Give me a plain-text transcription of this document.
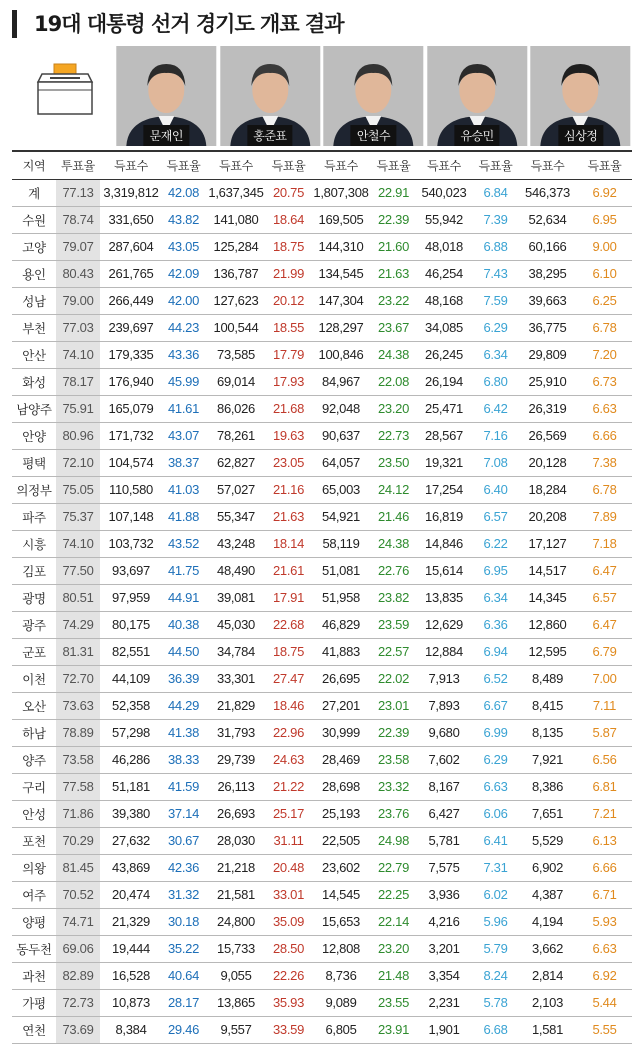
19대 대통령 선거 경기도 개표 결과
문재인	홍준표	안철수	유승민	심상정
지역	투표율	득표수	득표율	득표수	득표율	득표수	득표율	득표수	득표율	득표수	득표율
계	77.13	3,319,812	42.08	1,637,345	20.75	1,807,308	22.91	540,023	6.84	546,373	6.92
수원	78.74	331,650	43.82	141,080	18.64	169,505	22.39	55,942	7.39	52,634	6.95
고양	79.07	287,604	43.05	125,284	18.75	144,310	21.60	48,018	6.88	60,166	9.00
용인	80.43	261,765	42.09	136,787	21.99	134,545	21.63	46,254	7.43	38,295	6.10
성남	79.00	266,449	42.00	127,623	20.12	147,304	23.22	48,168	7.59	39,663	6.25
부천	77.03	239,697	44.23	100,544	18.55	128,297	23.67	34,085	6.29	36,775	6.78
안산	74.10	179,335	43.36	73,585	17.79	100,846	24.38	26,245	6.34	29,809	7.20
화성	78.17	176,940	45.99	69,014	17.93	84,967	22.08	26,194	6.80	25,910	6.73
남양주	75.91	165,079	41.61	86,026	21.68	92,048	23.20	25,471	6.42	26,319	6.63
안양	80.96	171,732	43.07	78,261	19.63	90,637	22.73	28,567	7.16	26,569	6.66
평택	72.10	104,574	38.37	62,827	23.05	64,057	23.50	19,321	7.08	20,128	7.38
의정부	75.05	110,580	41.03	57,027	21.16	65,003	24.12	17,254	6.40	18,284	6.78
파주	75.37	107,148	41.88	55,347	21.63	54,921	21.46	16,819	6.57	20,208	7.89
시흥	74.10	103,732	43.52	43,248	18.14	58,119	24.38	14,846	6.22	17,127	7.18
김포	77.50	93,697	41.75	48,490	21.61	51,081	22.76	15,614	6.95	14,517	6.47
광명	80.51	97,959	44.91	39,081	17.91	51,958	23.82	13,835	6.34	14,345	6.57
광주	74.29	80,175	40.38	45,030	22.68	46,829	23.59	12,629	6.36	12,860	6.47
군포	81.31	82,551	44.50	34,784	18.75	41,883	22.57	12,884	6.94	12,595	6.79
이천	72.70	44,109	36.39	33,301	27.47	26,695	22.02	7,913	6.52	8,489	7.00
오산	73.63	52,358	44.29	21,829	18.46	27,201	23.01	7,893	6.67	8,415	7.11
하남	78.89	57,298	41.38	31,793	22.96	30,999	22.39	9,680	6.99	8,135	5.87
양주	73.58	46,286	38.33	29,739	24.63	28,469	23.58	7,602	6.29	7,921	6.56
구리	77.58	51,181	41.59	26,113	21.22	28,698	23.32	8,167	6.63	8,386	6.81
안성	71.86	39,380	37.14	26,693	25.17	25,193	23.76	6,427	6.06	7,651	7.21
포천	70.29	27,632	30.67	28,030	31.11	22,505	24.98	5,781	6.41	5,529	6.13
의왕	81.45	43,869	42.36	21,218	20.48	23,602	22.79	7,575	7.31	6,902	6.66
여주	70.52	20,474	31.32	21,581	33.01	14,545	22.25	3,936	6.02	4,387	6.71
양평	74.71	21,329	30.18	24,800	35.09	15,653	22.14	4,216	5.96	4,194	5.93
동두천	69.06	19,444	35.22	15,733	28.50	12,808	23.20	3,201	5.79	3,662	6.63
과천	82.89	16,528	40.64	9,055	22.26	8,736	21.48	3,354	8.24	2,814	6.92
가평	72.73	10,873	28.17	13,865	35.93	9,089	23.55	2,231	5.78	2,103	5.44
연천	73.69	8,384	29.46	9,557	33.59	6,805	23.91	1,901	6.68	1,581	5.55
